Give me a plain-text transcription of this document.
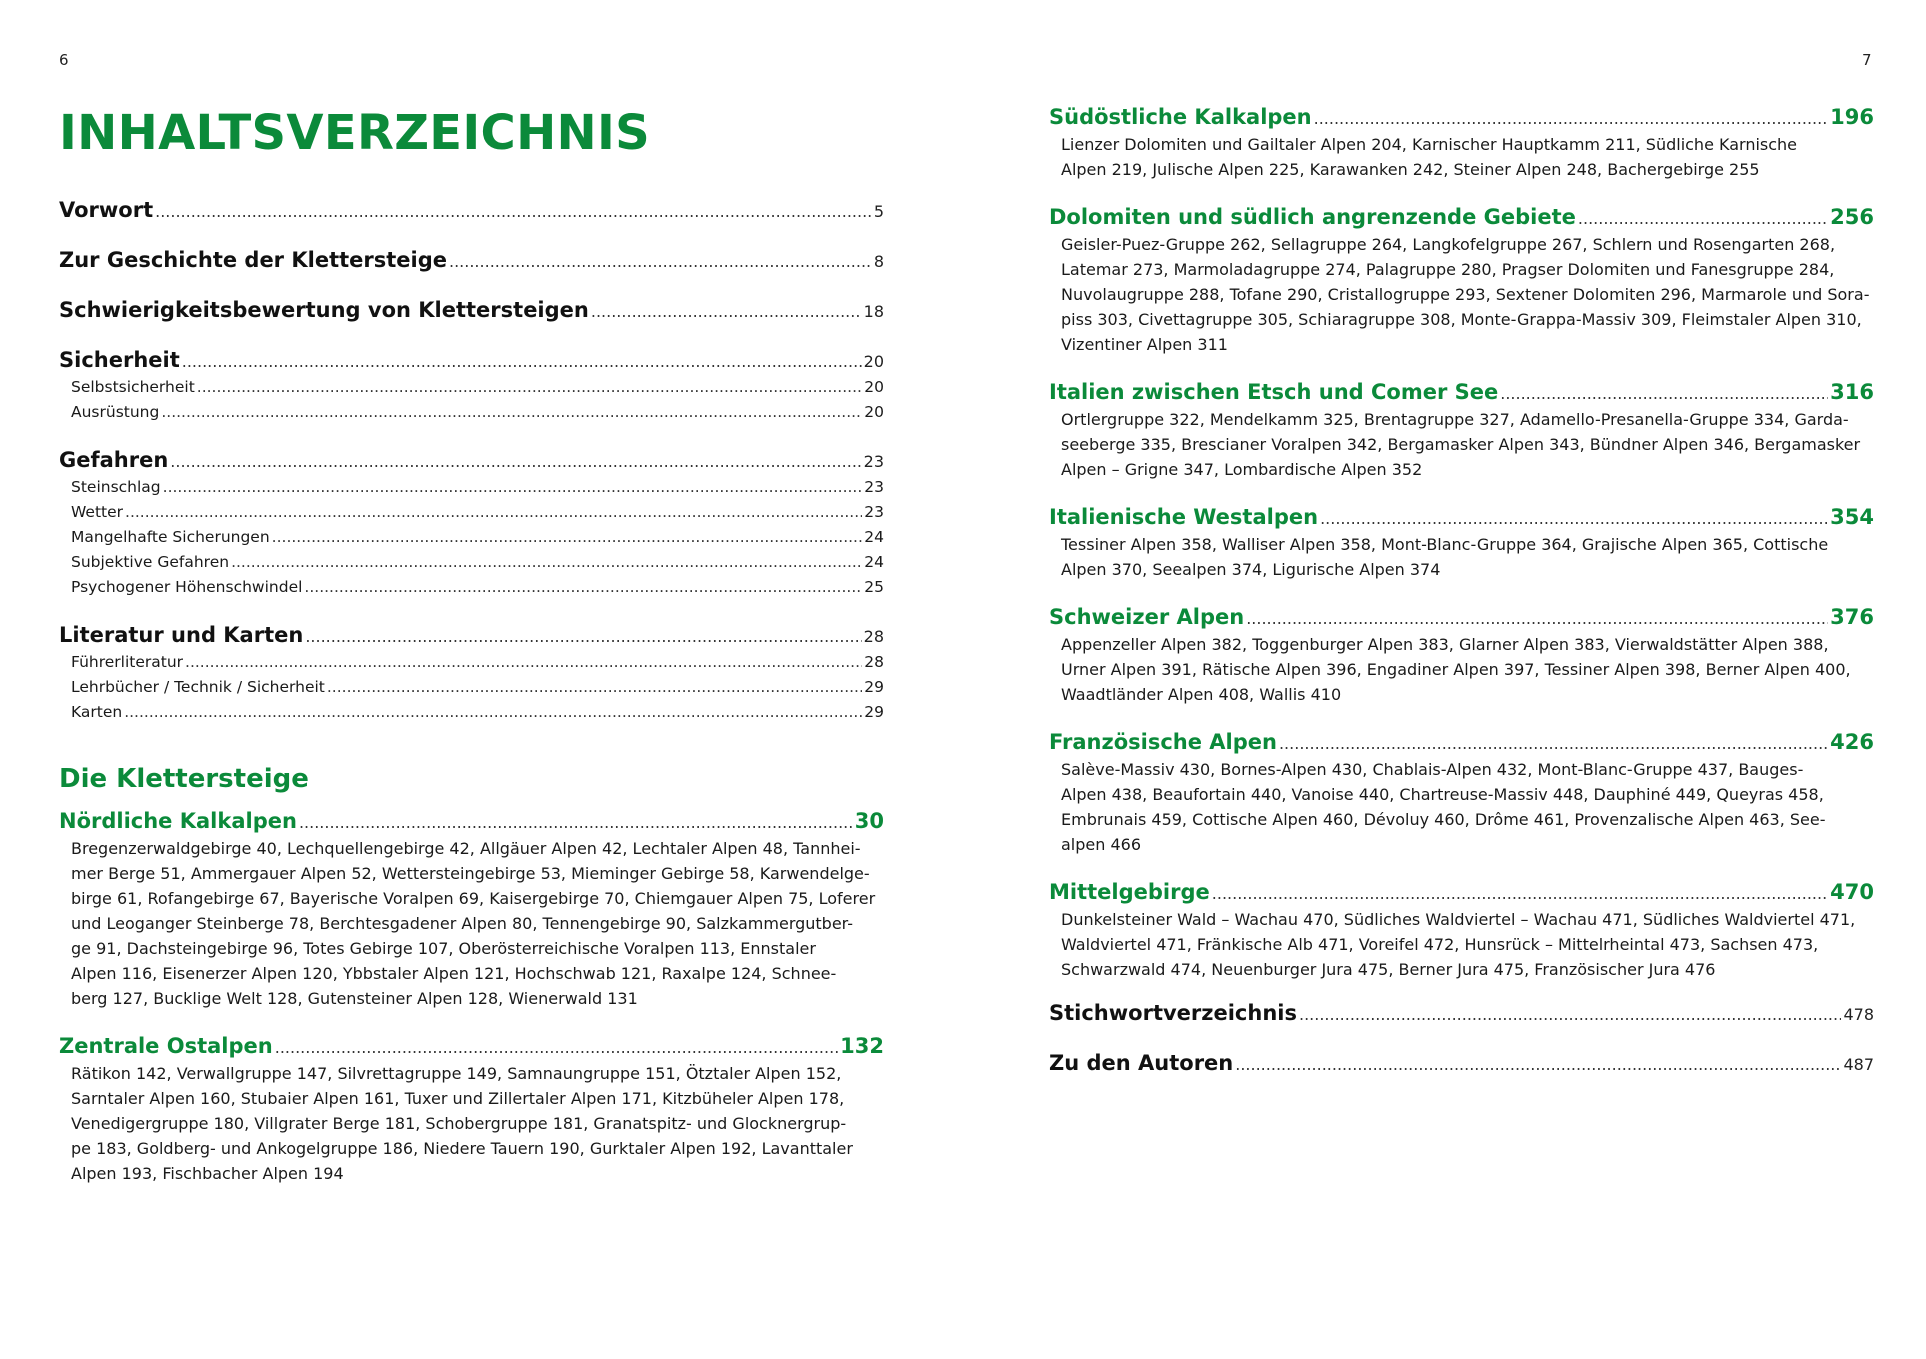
6	7
INHALTSVERZEICHNIS
Vorwort .....	5
Zur Geschichte der Klettersteige .....	8
Schwierigkeitsbewertung von Klettersteigen .....	18
Sicherheit .....	20
Selbstsicherheit .....	20
Ausrüstung .....	20
Gefahren .....	23
Steinschlag .....	23
Wetter .....	23
Mangelhafte Sicherungen .....	24
Subjektive Gefahren .....	24
Psychogener Höhenschwindel .....	25
Literatur und Karten .....	28
Führerliteratur .....	28
Lehrbücher / Technik / Sicherheit .....	29
Karten .....	29
Die Klettersteige
Nördliche Kalkalpen .....	30
Bregenzerwaldgebirge 40, Lechquellengebirge 42, Allgäuer Alpen 42, Lechtaler Alpen 48, Tannhei-
mer Berge 51, Ammergauer Alpen 52, Wettersteingebirge 53, Mieminger Gebirge 58, Karwendelge-
birge 61, Rofangebirge 67, Bayerische Voralpen 69, Kaisergebirge 70, Chiemgauer Alpen 75, Loferer
und Leoganger Steinberge 78, Berchtesgadener Alpen 80, Tennengebirge 90, Salzkammergutber-
ge 91, Dachsteingebirge 96, Totes Gebirge 107, Oberösterreichische Voralpen 113, Ennstaler
Alpen 116, Eisenerzer Alpen 120, Ybbstaler Alpen 121, Hochschwab 121, Raxalpe 124, Schnee-
berg 127, Bucklige Welt 128, Gutensteiner Alpen 128, Wienerwald 131
Zentrale Ostalpen .....	132
Rätikon 142, Verwallgruppe 147, Silvrettagruppe 149, Samnaungruppe 151, Ötztaler Alpen 152,
Sarntaler Alpen 160, Stubaier Alpen 161, Tuxer und Zillertaler Alpen 171, Kitzbüheler Alpen 178,
Venedigergruppe 180, Villgrater Berge 181, Schobergruppe 181, Granatspitz- und Glocknergrup-
pe 183, Goldberg- und Ankogelgruppe 186, Niedere Tauern 190, Gurktaler Alpen 192, Lavanttaler
Alpen 193, Fischbacher Alpen 194
Südöstliche Kalkalpen .....	196
Lienzer Dolomiten und Gailtaler Alpen 204, Karnischer Hauptkamm 211, Südliche Karnische
Alpen 219, Julische Alpen 225, Karawanken 242, Steiner Alpen 248, Bachergebirge 255
Dolomiten und südlich angrenzende Gebiete .....	256
Geisler-Puez-Gruppe 262, Sellagruppe 264, Langkofelgruppe 267, Schlern und Rosengarten 268,
Latemar 273, Marmoladagruppe 274, Palagruppe 280, Pragser Dolomiten und Fanesgruppe 284,
Nuvolaugruppe 288, Tofane 290, Cristallogruppe 293, Sextener Dolomiten 296, Marmarole und Sora-
piss 303, Civettagruppe 305, Schiaragruppe 308, Monte-Grappa-Massiv 309, Fleimstaler Alpen 310,
Vizentiner Alpen 311
Italien zwischen Etsch und Comer See .....	316
Ortlergruppe 322, Mendelkamm 325, Brentagruppe 327, Adamello-Presanella-Gruppe 334, Garda-
seeberge 335, Brescianer Voralpen 342, Bergamasker Alpen 343, Bündner Alpen 346, Bergamasker
Alpen – Grigne 347, Lombardische Alpen 352
Italienische Westalpen .....	354
Tessiner Alpen 358, Walliser Alpen 358, Mont-Blanc-Gruppe 364, Grajische Alpen 365, Cottische
Alpen 370, Seealpen 374, Ligurische Alpen 374
Schweizer Alpen .....	376
Appenzeller Alpen 382, Toggenburger Alpen 383, Glarner Alpen 383, Vierwaldstätter Alpen 388,
Urner Alpen 391, Rätische Alpen 396, Engadiner Alpen 397, Tessiner Alpen 398, Berner Alpen 400,
Waadtländer Alpen 408, Wallis 410
Französische Alpen .....	426
Salève-Massiv 430, Bornes-Alpen 430, Chablais-Alpen 432, Mont-Blanc-Gruppe 437, Bauges-
Alpen 438, Beaufortain 440, Vanoise 440, Chartreuse-Massiv 448, Dauphiné 449, Queyras 458,
Embrunais 459, Cottische Alpen 460, Dévoluy 460, Drôme 461, Provenzalische Alpen 463, See-
alpen 466
Mittelgebirge .....	470
Dunkelsteiner Wald – Wachau 470, Südliches Waldviertel – Wachau 471, Südliches Waldviertel 471,
Waldviertel 471, Fränkische Alb 471, Voreifel 472, Hunsrück – Mittelrheintal 473, Sachsen 473,
Schwarzwald 474, Neuenburger Jura 475, Berner Jura 475, Französischer Jura 476
Stichwortverzeichnis .....	478
Zu den Autoren .....	487
